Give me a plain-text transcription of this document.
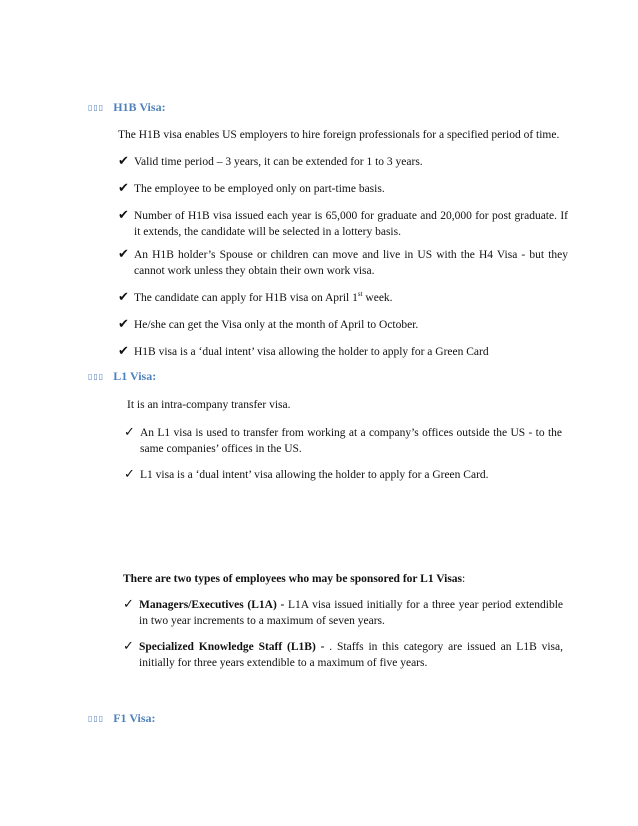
▯▯▯ H1B Visa:
The H1B visa enables US employers to hire foreign professionals for a specified period of time.
✔ Valid time period – 3 years, it can be extended for 1 to 3 years.
✔ The employee to be employed only on part-time basis.
✔ Number of H1B visa issued each year is 65,000 for graduate and 20,000 for post graduate. If it extends, the candidate will be selected in a lottery basis.
✔ An H1B holder’s Spouse or children can move and live in US with the H4 Visa - but they cannot work unless they obtain their own work visa.
✔ The candidate can apply for H1B visa on April 1st week.
✔ He/she can get the Visa only at the month of April to October.
✔ H1B visa is a ‘dual intent’ visa allowing the holder to apply for a Green Card
▯▯▯ L1 Visa:
It is an intra-company transfer visa.
✓ An L1 visa is used to transfer from working at a company’s offices outside the US - to the same companies’ offices in the US.
✓ L1 visa is a ‘dual intent’ visa allowing the holder to apply for a Green Card.
There are two types of employees who may be sponsored for L1 Visas:
✓ Managers/Executives (L1A) - L1A visa issued initially for a three year period extendible in two year increments to a maximum of seven years.
✓ Specialized Knowledge Staff (L1B) - . Staffs in this category are issued an L1B visa, initially for three years extendible to a maximum of five years.
▯▯▯ F1 Visa:
